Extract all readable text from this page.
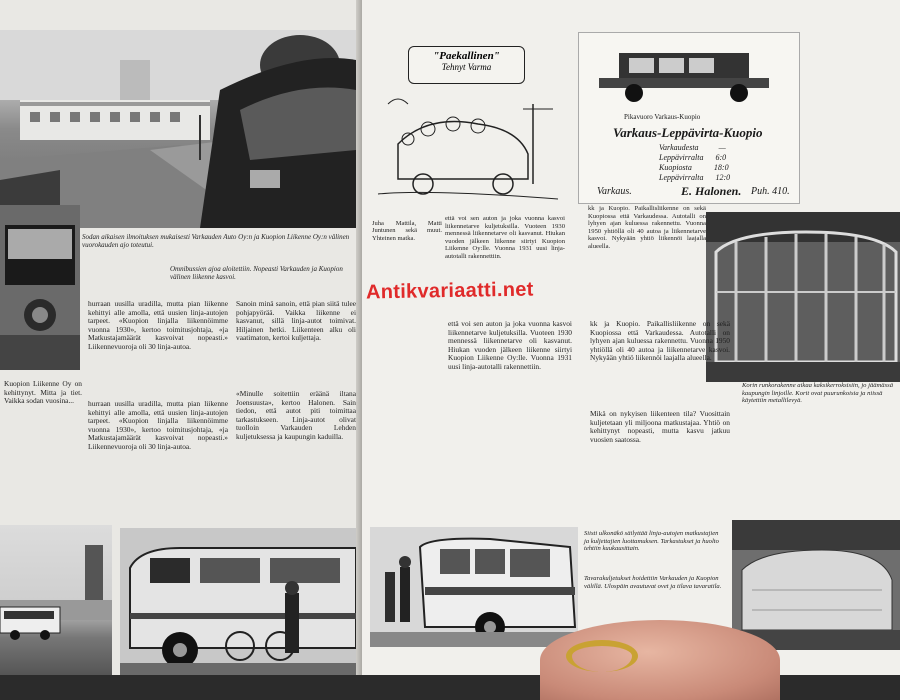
Sodan aikaisen ilmoituksen mukaisesti Varkauden Auto Oy:n ja Kuopion Liikenne Oy:n välinen vuorokauden ajo toteutui.

Omnibussien ajoa aloitettiin. Nopeasti Varkauden ja Kuopion välinen liikenne kasvoi.

hurraan uusilla uradilla, mutta pian liikenne kehittyi alle amolla, että uusien linja-autojen tarpeet. «Kuopion linjalla liikennöimme vuonna 1930», kertoo toimitusjohtaja, «ja Matkustajamäärät kasvoivat nopeasti.» Liikennevuoroja oli 30 linja-autoa.
Kuopion Liikenne Oy on kehittynyt. Mitta ja tiet. Vaikka sodan vuosina...
Sanoin minä sanoin, että pian siitä tulee pohjapyörää. Vaikka liikenne ei kasvanut, sillä linja-autot toimivat. Hiljainen hetki. Liikenteen alku oli vaatimaton, kertoi kuljettaja.
«Minulle soitettiin eräänä iltana Joensuusta», kertoo Halonen. Sain tiedon, että autot piti toimittaa tarkastukseen. Linja-autot olivat tuolloin Varkauden Lehden kuljetuksessa ja kaupungin kaduilla.
hurraan uusilla uradilla, mutta pian liikenne kehittyi alle amolla, että uusien linja-autojen tarpeet. «Kuopion linjalla liikennöimme vuonna 1930», kertoo toimitusjohtaja, «ja Matkustajamäärät kasvoivat nopeasti.» Liikennevuoroja oli 30 linja-autoa.
"Paekallinen"
Tehnyt Varma
Juha Mattila, Matti Juntunen sekä muut. Yhteinen matka.
että voi sen auton ja joka vuonna kasvoi liikennetarve kuljetuksilla. Vuoteen 1930 mennessä liikennetarve oli kasvanut. Hiukan vuoden jälkeen liikenne siirtyi Kuopion Liikenne Oy:lle. Vuonna 1931 uusi linja-autotalli rakennettiin.
Pikavuoro Varkaus-Kuopio
Varkaus-Leppävirta-Kuopio
Varkaudesta	—
Leppävirralta 6:0
Kuopiosta	18:0
Leppävirralta 12:0
Varkaus.	E. Halonen. Puh. 410.
Korin runkorakenne aikaa kaksikerroksisiin, jo jäämässä kaupungin linjoille. Korit ovat puurunkoisia ja niissä käytettiin metallilevyä.
kk ja Kuopio. Paikallisliikenne on sekä Kuopiossa että Varkaudessa. Autotalli on lyhyen ajan kuluessa rakennettu. Vuonna 1950 yhtiöllä oli 40 autoa ja liikennetarve kasvoi. Nykyään yhtiö liikennöi laajalla alueella.
että voi sen auton ja joka vuonna kasvoi liikennetarve kuljetuksilla. Vuoteen 1930 mennessä liikennetarve oli kasvanut. Hiukan vuoden jälkeen liikenne siirtyi Kuopion Liikenne Oy:lle. Vuonna 1931 uusi linja-autotalli rakennettiin.
kk ja Kuopio. Paikallisliikenne on sekä Kuopiossa että Varkaudessa. Autotalli on lyhyen ajan kuluessa rakennettu. Vuonna 1950 yhtiöllä oli 40 autoa ja liikennetarve kasvoi. Nykyään yhtiö liikennöi laajalla alueella.
Mikä on nykyisen liikenteen tila? Vuosittain kuljetetaan yli miljoona matkustajaa. Yhtiö on kehittynyt nopeasti, mutta kasvu jatkuu vuosien saatossa.
Siisti ulkonäkö säilyttää linja-autojen matkustajien ja kuljettajien luottamuksen. Tarkastukset ja huolto tehtiin kuukausittain.
Tavarakuljetukset hoidettiin Varkauden ja Kuopion välillä. Ulospäin avautuvat ovet ja tilava tavaratila.
Antikvariaatti.net
